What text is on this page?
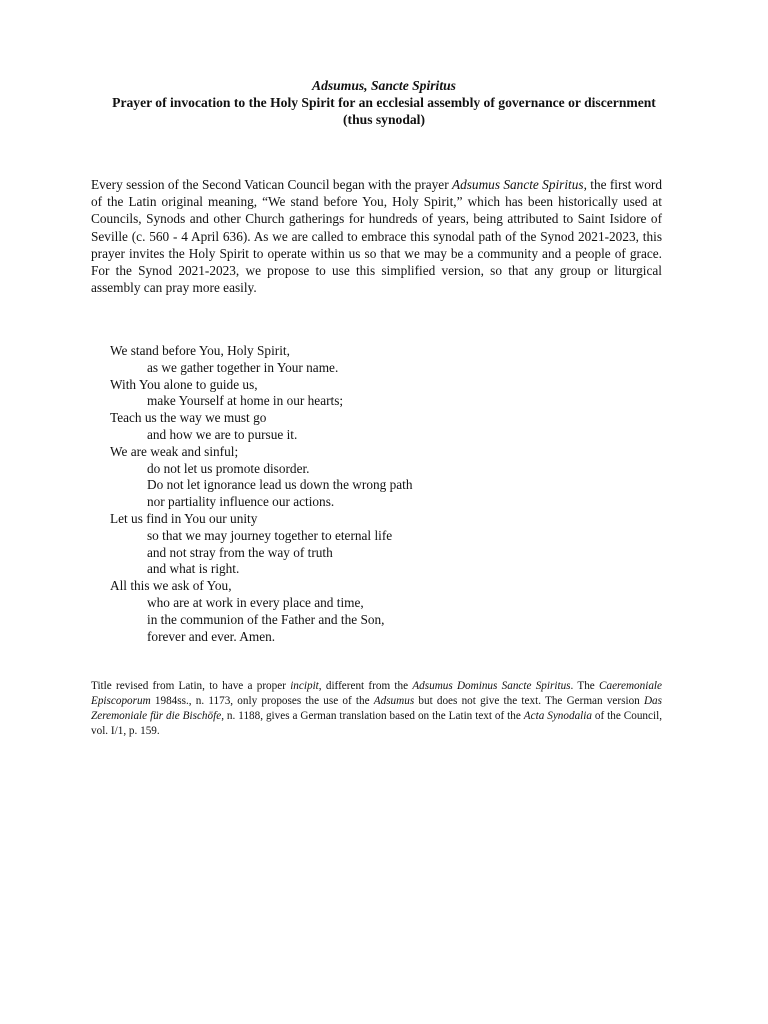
Adsumus, Sancte Spiritus
Prayer of invocation to the Holy Spirit for an ecclesial assembly of governance or discernment (thus synodal)

Every session of the Second Vatican Council began with the prayer Adsumus Sancte Spiritus, the first word of the Latin original meaning, “We stand before You, Holy Spirit,” which has been historically used at Councils, Synods and other Church gatherings for hundreds of years, being attributed to Saint Isidore of Seville (c. 560 - 4 April 636). As we are called to embrace this synodal path of the Synod 2021-2023, this prayer invites the Holy Spirit to operate within us so that we may be a community and a people of grace. For the Synod 2021-2023, we propose to use this simplified version, so that any group or liturgical assembly can pray more easily.

We stand before You, Holy Spirit,
as we gather together in Your name.
With You alone to guide us,
make Yourself at home in our hearts;
Teach us the way we must go
and how we are to pursue it.
We are weak and sinful;
do not let us promote disorder.
Do not let ignorance lead us down the wrong path
nor partiality influence our actions.
Let us find in You our unity
so that we may journey together to eternal life
and not stray from the way of truth
and what is right.
All this we ask of You,
who are at work in every place and time,
in the communion of the Father and the Son,
forever and ever. Amen.

Title revised from Latin, to have a proper incipit, different from the Adsumus Dominus Sancte Spiritus. The Caeremoniale Episcoporum 1984ss., n. 1173, only proposes the use of the Adsumus but does not give the text. The German version Das Zeremoniale für die Bischöfe, n. 1188, gives a German translation based on the Latin text of the Acta Synodalia of the Council, vol. I/1, p. 159.
